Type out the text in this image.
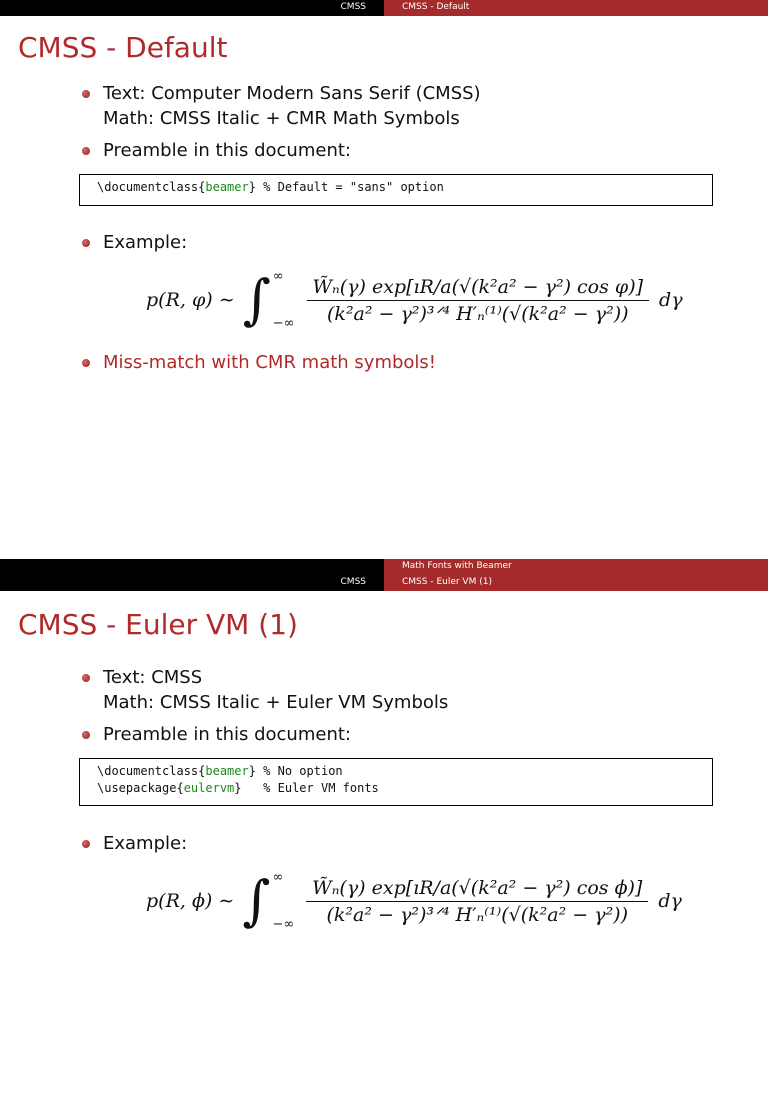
CMSS	CMSS - Default
CMSS - Default
Text: Computer Modern Sans Serif (CMSS)
Math: CMSS Italic + CMR Math Symbols
Preamble in this document:
\documentclass{beamer} % Default = "sans" option
Example:
p(R, φ) ∼ ∫ ∞
−∞ $\frac{\text{W̃ₙ(γ) exp[ıR/a(√(k²a² − γ²) cos φ)]}}{\text{(k²a² − γ²)³ᐟ⁴ H′ₙ⁽¹⁾(√(k²a² − γ²))}}$ dγ
Miss-match with CMR math symbols!
Math Fonts with Beamer
CMSS	CMSS - Euler VM (1)
CMSS - Euler VM (1)
Text: CMSS
Math: CMSS Italic + Euler VM Symbols
Preamble in this document:
\documentclass{beamer} % No option
\usepackage{eulervm}   % Euler VM fonts
Example:
p(R, ϕ) ∼ ∫ ∞
−∞ $\frac{\text{W̃ₙ(γ) exp[ıR/a(√(k²a² − γ²) cos ϕ)]}}{\text{(k²a² − γ²)³ᐟ⁴ H′ₙ⁽¹⁾(√(k²a² − γ²))}}$ dγ
